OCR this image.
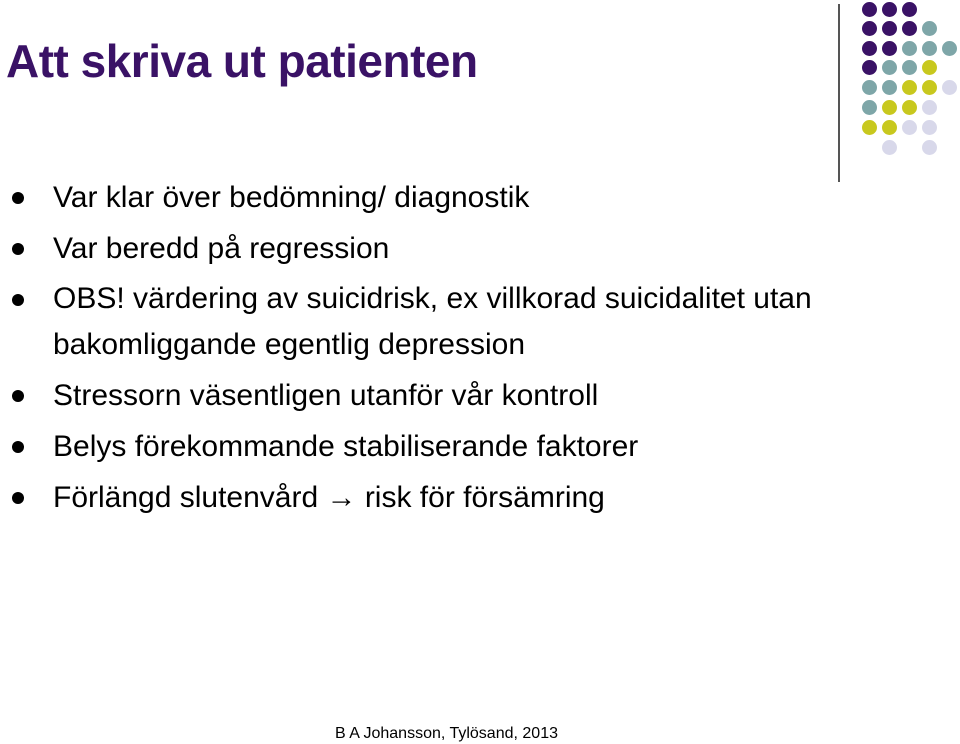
Att skriva ut patienten
Var klar över bedömning/ diagnostik
Var beredd på regression
OBS! värdering av suicidrisk, ex villkorad suicidalitet utan bakomliggande egentlig depression
Stressorn väsentligen utanför vår kontroll
Belys förekommande stabiliserande faktorer
Förlängd slutenvård → risk för försämring
B A Johansson, Tylösand, 2013
